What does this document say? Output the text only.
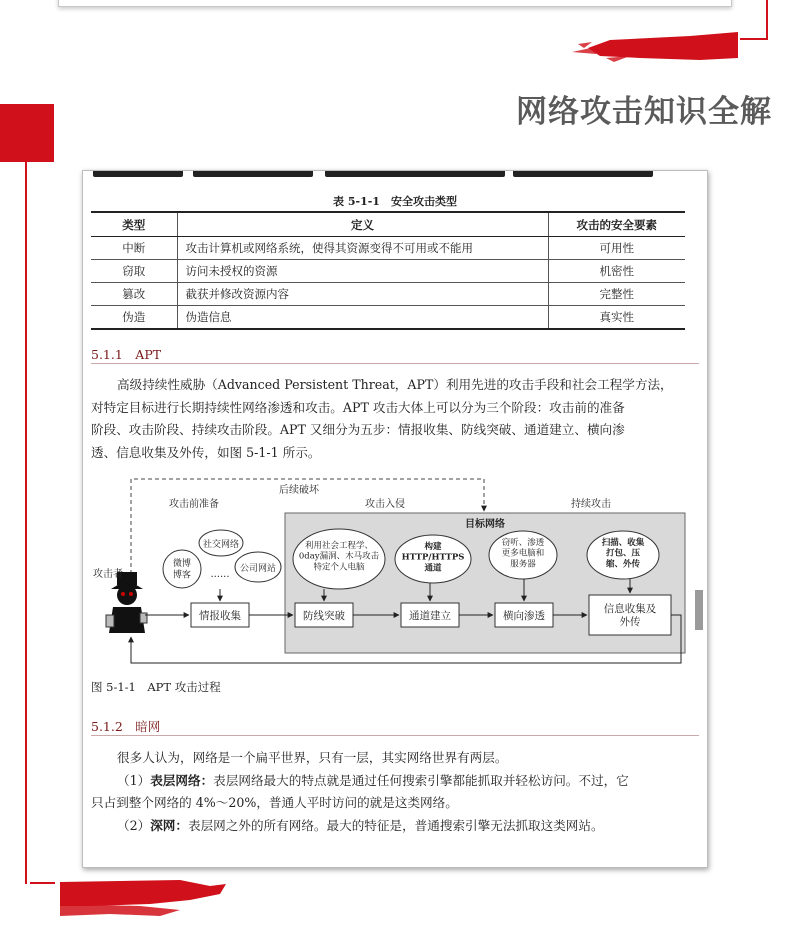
网络攻击知识全解
表 5-1-1　安全攻击类型
类型	定义	攻击的安全要素
中断	攻击计算机或网络系统，使得其资源变得不可用或不能用	可用性
窃取	访问未授权的资源	机密性
篡改	截获并修改资源内容	完整性
伪造	伪造信息	真实性
5.1.1　APT

高级持续性威胁（Advanced Persistent Threat，APT）利用先进的攻击手段和社会工程学方法，

对特定目标进行长期持续性网络渗透和攻击。APT 攻击大体上可以分为三个阶段：攻击前的准备

阶段、攻击阶段、持续攻击阶段。APT 又细分为五步：情报收集、防线突破、通道建立、横向渗

透、信息收集及外传，如图 5-1-1 所示。

后续破坏
攻击前准备	攻击入侵	持续攻击
目标网络
攻击者
社交网络
微博博客 ...... 公司网站
利用社会工程学、 0day漏洞、木马攻击特定个人电脑
构建 HTTP/HTTPS 通道
窃听、渗透更多电脑和服务器
扫描、收集打包、压缩、外传
情报收集	防线突破	通道建立	横向渗透
信息收集及外传
图 5-1-1　APT 攻击过程
5.1.2　暗网

很多人认为，网络是一个扁平世界，只有一层，其实网络世界有两层。

（1）表层网络：表层网络最大的特点就是通过任何搜索引擎都能抓取并轻松访问。不过，它

只占到整个网络的 4%～20%，普通人平时访问的就是这类网络。

（2）深网：表层网之外的所有网络。最大的特征是，普通搜索引擎无法抓取这类网站。
